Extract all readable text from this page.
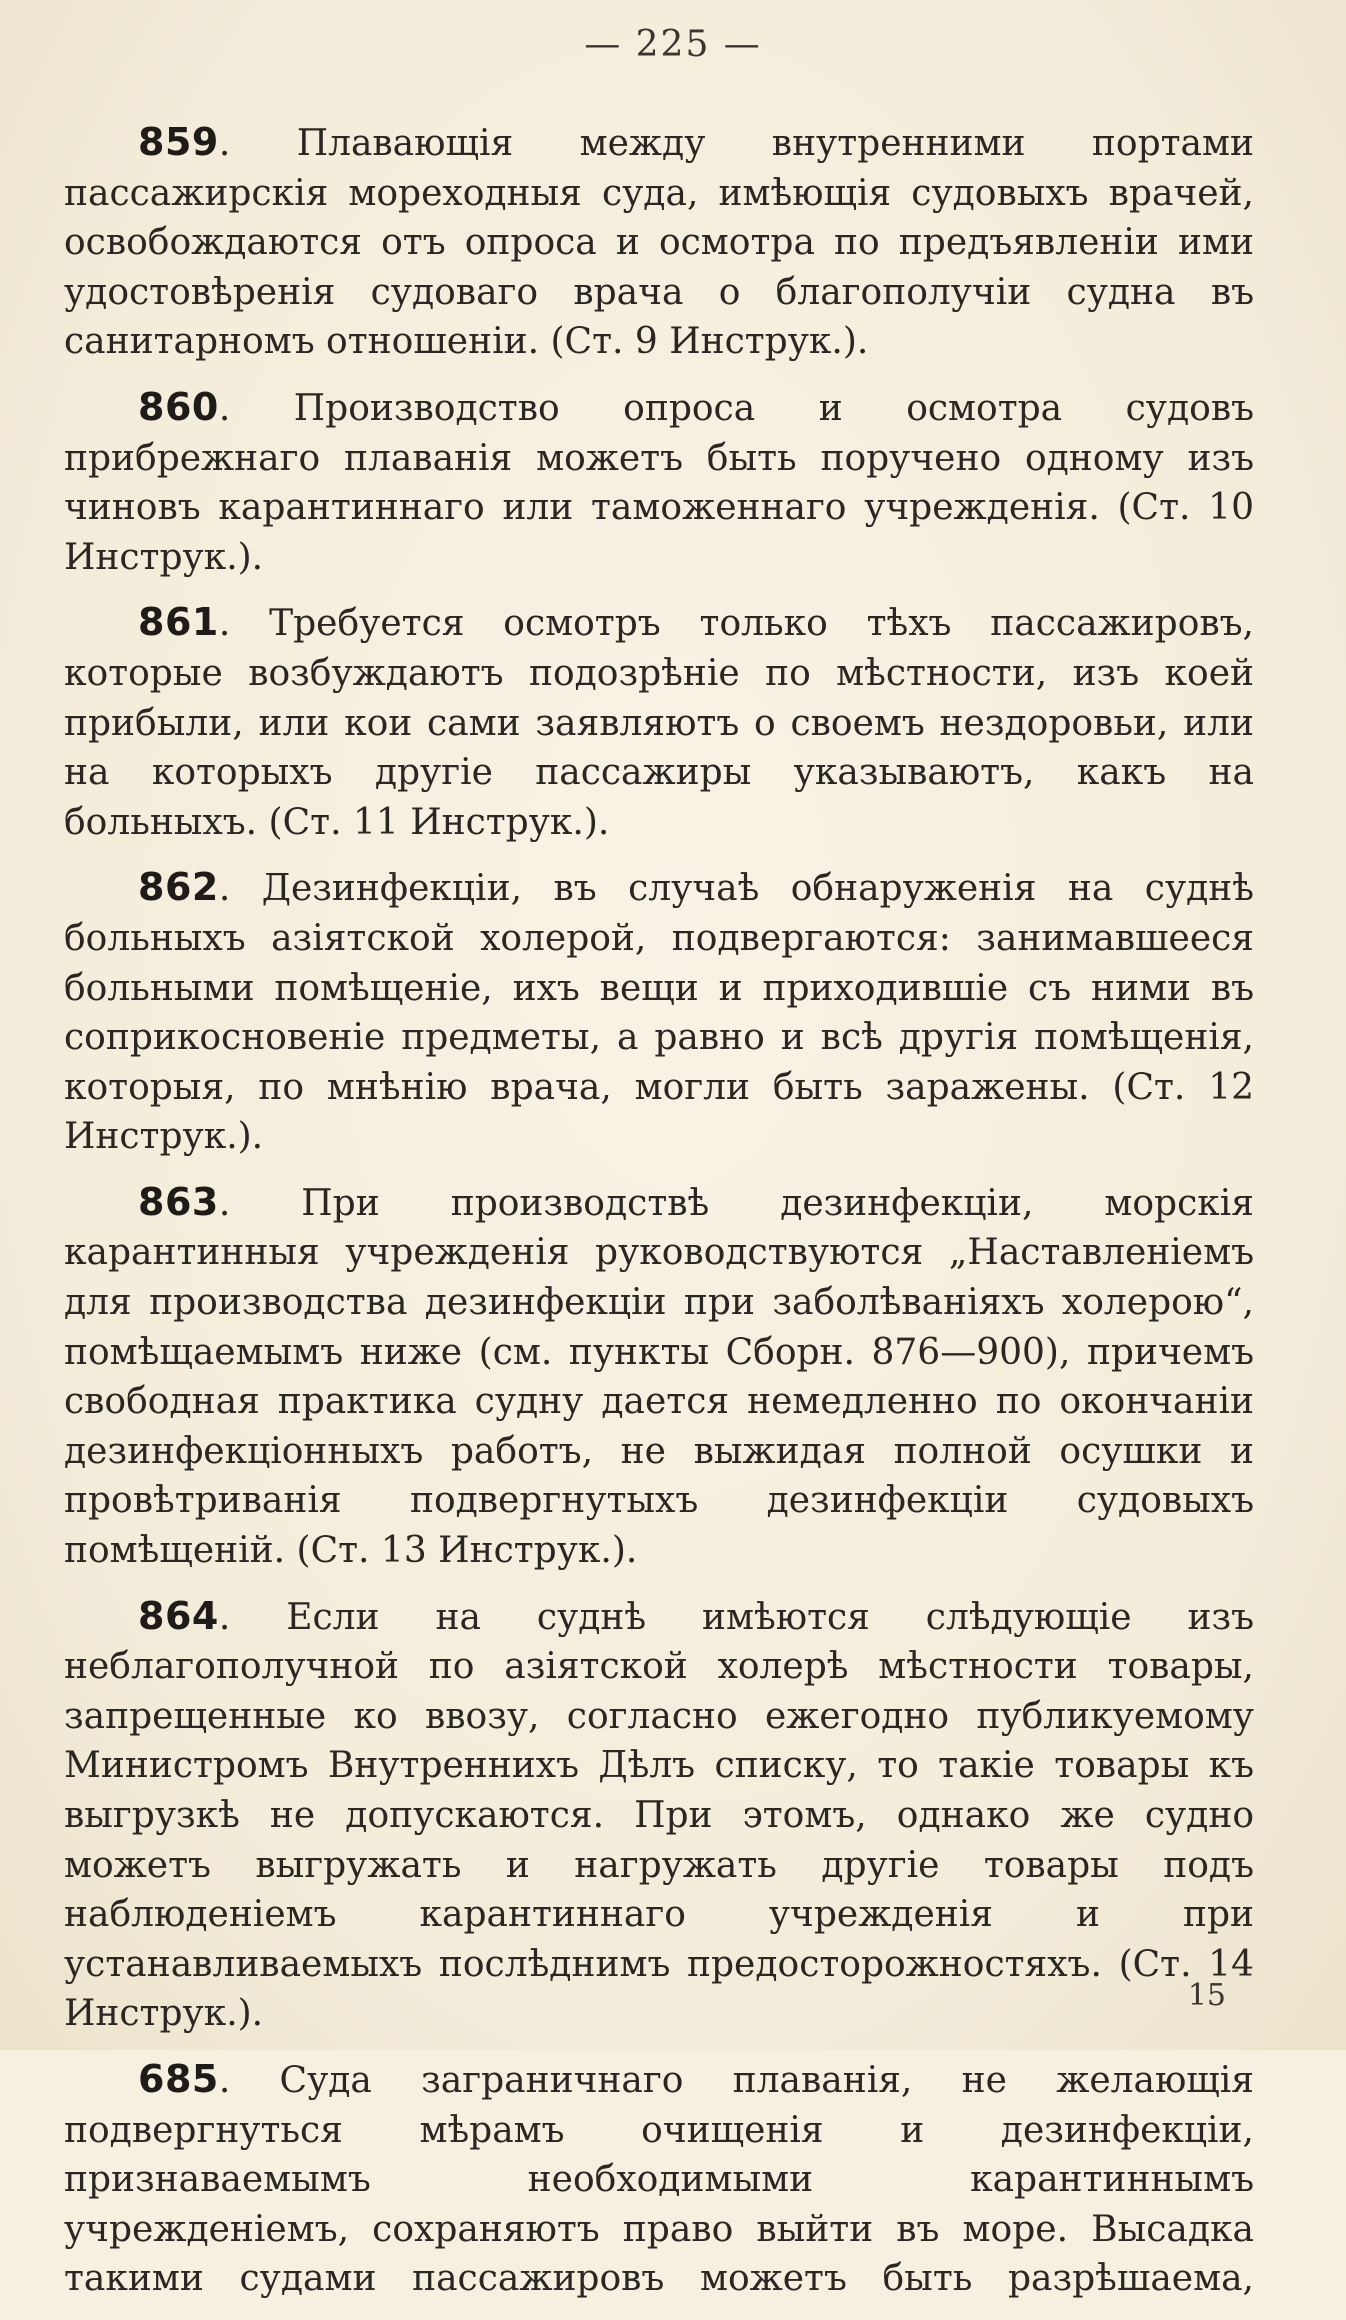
— 225 —

859. Плавающія между внутренними портами пассажирскія мореходныя суда, имѣющія судовыхъ врачей, освобождаются отъ опроса и осмотра по предъявленіи ими удостовѣренія судоваго врача о благополучіи судна въ санитарномъ отношеніи. (Ст. 9 Инструк.).

860. Производство опроса и осмотра судовъ прибрежнаго плаванія можетъ быть поручено одному изъ чиновъ карантиннаго или таможеннаго учрежденія. (Ст. 10 Инструк.).

861. Требуется осмотръ только тѣхъ пассажировъ, которые возбуждаютъ подозрѣніе по мѣстности, изъ коей прибыли, или кои сами заявляютъ о своемъ нездоровьи, или на которыхъ другіе пассажиры указываютъ, какъ на больныхъ. (Ст. 11 Инструк.).

862. Дезинфекціи, въ случаѣ обнаруженія на суднѣ больныхъ азіятской холерой, подвергаются: занимавшееся больными помѣщеніе, ихъ вещи и приходившіе съ ними въ соприкосновеніе предметы, а равно и всѣ другія помѣщенія, которыя, по мнѣнію врача, могли быть заражены. (Ст. 12 Инструк.).

863. При производствѣ дезинфекціи, морскія карантинныя учрежденія руководствуются „Наставленіемъ для производства дезинфекціи при заболѣваніяхъ холерою“, помѣщаемымъ ниже (см. пункты Сборн. 876—900), причемъ свободная практика судну дается немедленно по окончаніи дезинфекціонныхъ работъ, не выжидая полной осушки и провѣтриванія подвергнутыхъ дезинфекціи судовыхъ помѣщеній. (Ст. 13 Инструк.).

864. Если на суднѣ имѣются слѣдующіе изъ неблагополучной по азіятской холерѣ мѣстности товары, запрещенные ко ввозу, согласно ежегодно публикуемому Министромъ Внутреннихъ Дѣлъ списку, то такіе товары къ выгрузкѣ не допускаются. При этомъ, однако же судно можетъ выгружать и нагружать другіе товары подъ наблюденіемъ карантиннаго учрежденія и при устанавливаемыхъ послѣднимъ предосторожностяхъ. (Ст. 14 Инструк.).

685. Суда заграничнаго плаванія, не желающія подвергнуться мѣрамъ очищенія и дезинфекціи, признаваемымъ необходимыми карантиннымъ учрежденіемъ, сохраняютъ право выйти въ море. Высадка такими судами пассажировъ можетъ быть разрѣшаема,

15
